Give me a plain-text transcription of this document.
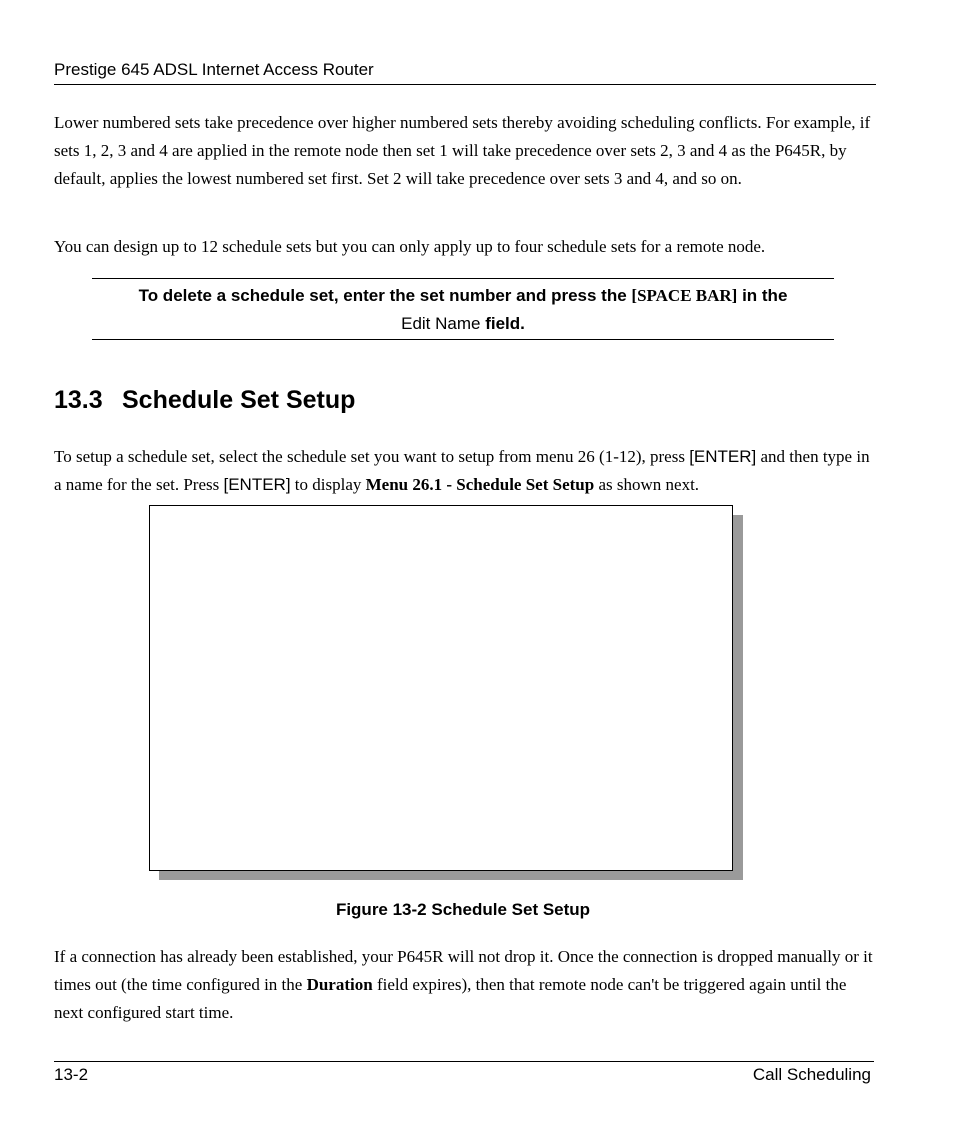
Prestige 645 ADSL Internet Access Router

Lower numbered sets take precedence over higher numbered sets thereby avoiding scheduling conflicts. For example, if sets 1, 2, 3 and 4 are applied in the remote node then set 1 will take precedence over sets 2, 3 and 4 as the P645R, by default, applies the lowest numbered set first. Set 2 will take precedence over sets 3 and 4, and so on.

You can design up to 12 schedule sets but you can only apply up to four schedule sets for a remote node.

To delete a schedule set, enter the set number and press the [SPACE BAR] in the
Edit Name field.
13.3 Schedule Set Setup

To setup a schedule set, select the schedule set you want to setup from menu 26 (1-12), press [ENTER] and then type in a name for the set. Press [ENTER] to display Menu 26.1 - Schedule Set Setup as shown next.

Figure 13-2 Schedule Set Setup

If a connection has already been established, your P645R will not drop it. Once the connection is dropped manually or it times out (the time configured in the Duration field expires), then that remote node can't be triggered again until the next configured start time.

13-2	Call Scheduling
